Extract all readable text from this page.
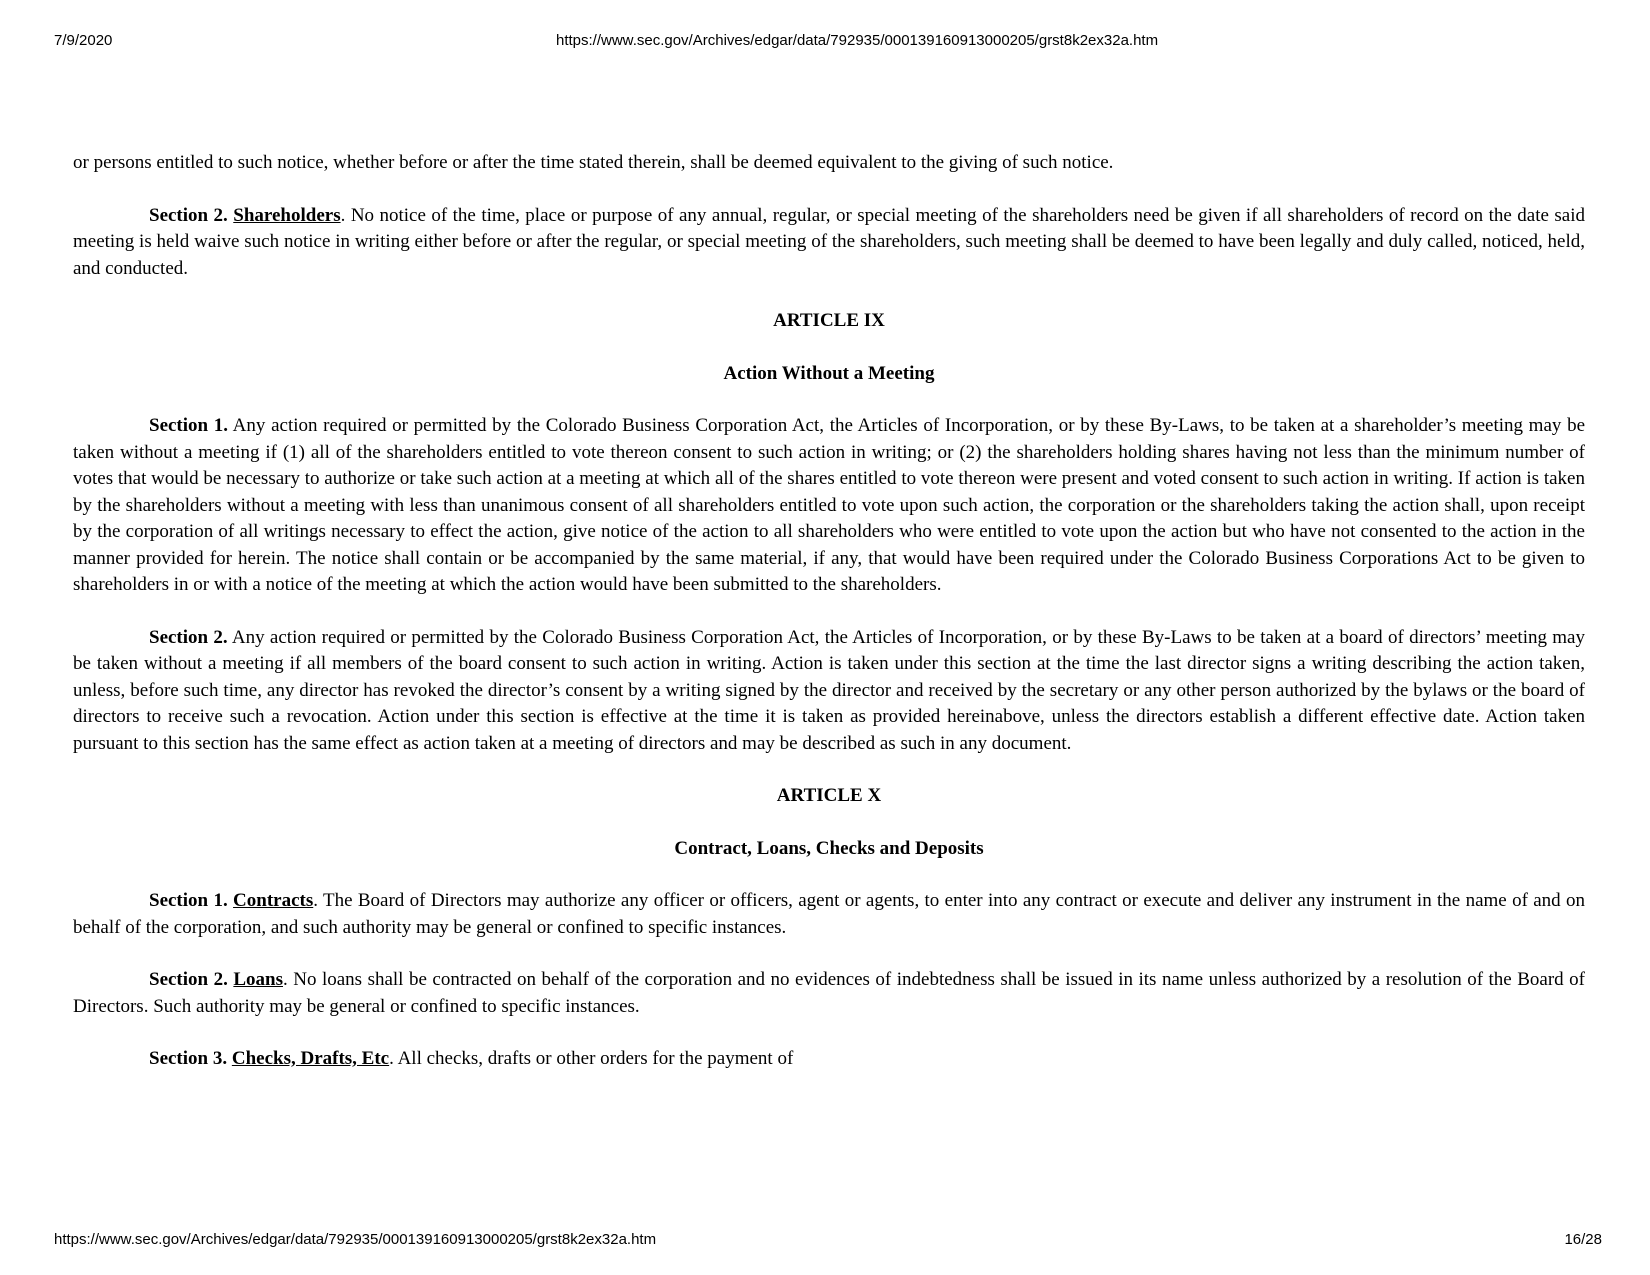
7/9/2020	https://www.sec.gov/Archives/edgar/data/792935/000139160913000205/grst8k2ex32a.htm

or persons entitled to such notice, whether before or after the time stated therein, shall be deemed equivalent to the giving of such notice.

Section 2. Shareholders. No notice of the time, place or purpose of any annual, regular, or special meeting of the shareholders need be given if all shareholders of record on the date said meeting is held waive such notice in writing either before or after the regular, or special meeting of the shareholders, such meeting shall be deemed to have been legally and duly called, noticed, held, and conducted.

ARTICLE IX
Action Without a Meeting

Section 1. Any action required or permitted by the Colorado Business Corporation Act, the Articles of Incorporation, or by these By-Laws, to be taken at a shareholder’s meeting may be taken without a meeting if (1) all of the shareholders entitled to vote thereon consent to such action in writing; or (2) the shareholders holding shares having not less than the minimum number of votes that would be necessary to authorize or take such action at a meeting at which all of the shares entitled to vote thereon were present and voted consent to such action in writing. If action is taken by the shareholders without a meeting with less than unanimous consent of all shareholders entitled to vote upon such action, the corporation or the shareholders taking the action shall, upon receipt by the corporation of all writings necessary to effect the action, give notice of the action to all shareholders who were entitled to vote upon the action but who have not consented to the action in the manner provided for herein. The notice shall contain or be accompanied by the same material, if any, that would have been required under the Colorado Business Corporations Act to be given to shareholders in or with a notice of the meeting at which the action would have been submitted to the shareholders.

Section 2. Any action required or permitted by the Colorado Business Corporation Act, the Articles of Incorporation, or by these By-Laws to be taken at a board of directors’ meeting may be taken without a meeting if all members of the board consent to such action in writing. Action is taken under this section at the time the last director signs a writing describing the action taken, unless, before such time, any director has revoked the director’s consent by a writing signed by the director and received by the secretary or any other person authorized by the bylaws or the board of directors to receive such a revocation. Action under this section is effective at the time it is taken as provided hereinabove, unless the directors establish a different effective date. Action taken pursuant to this section has the same effect as action taken at a meeting of directors and may be described as such in any document.

ARTICLE X
Contract, Loans, Checks and Deposits

Section 1. Contracts. The Board of Directors may authorize any officer or officers, agent or agents, to enter into any contract or execute and deliver any instrument in the name of and on behalf of the corporation, and such authority may be general or confined to specific instances.

Section 2. Loans. No loans shall be contracted on behalf of the corporation and no evidences of indebtedness shall be issued in its name unless authorized by a resolution of the Board of Directors. Such authority may be general or confined to specific instances.

Section 3. Checks, Drafts, Etc. All checks, drafts or other orders for the payment of

https://www.sec.gov/Archives/edgar/data/792935/000139160913000205/grst8k2ex32a.htm	16/28
